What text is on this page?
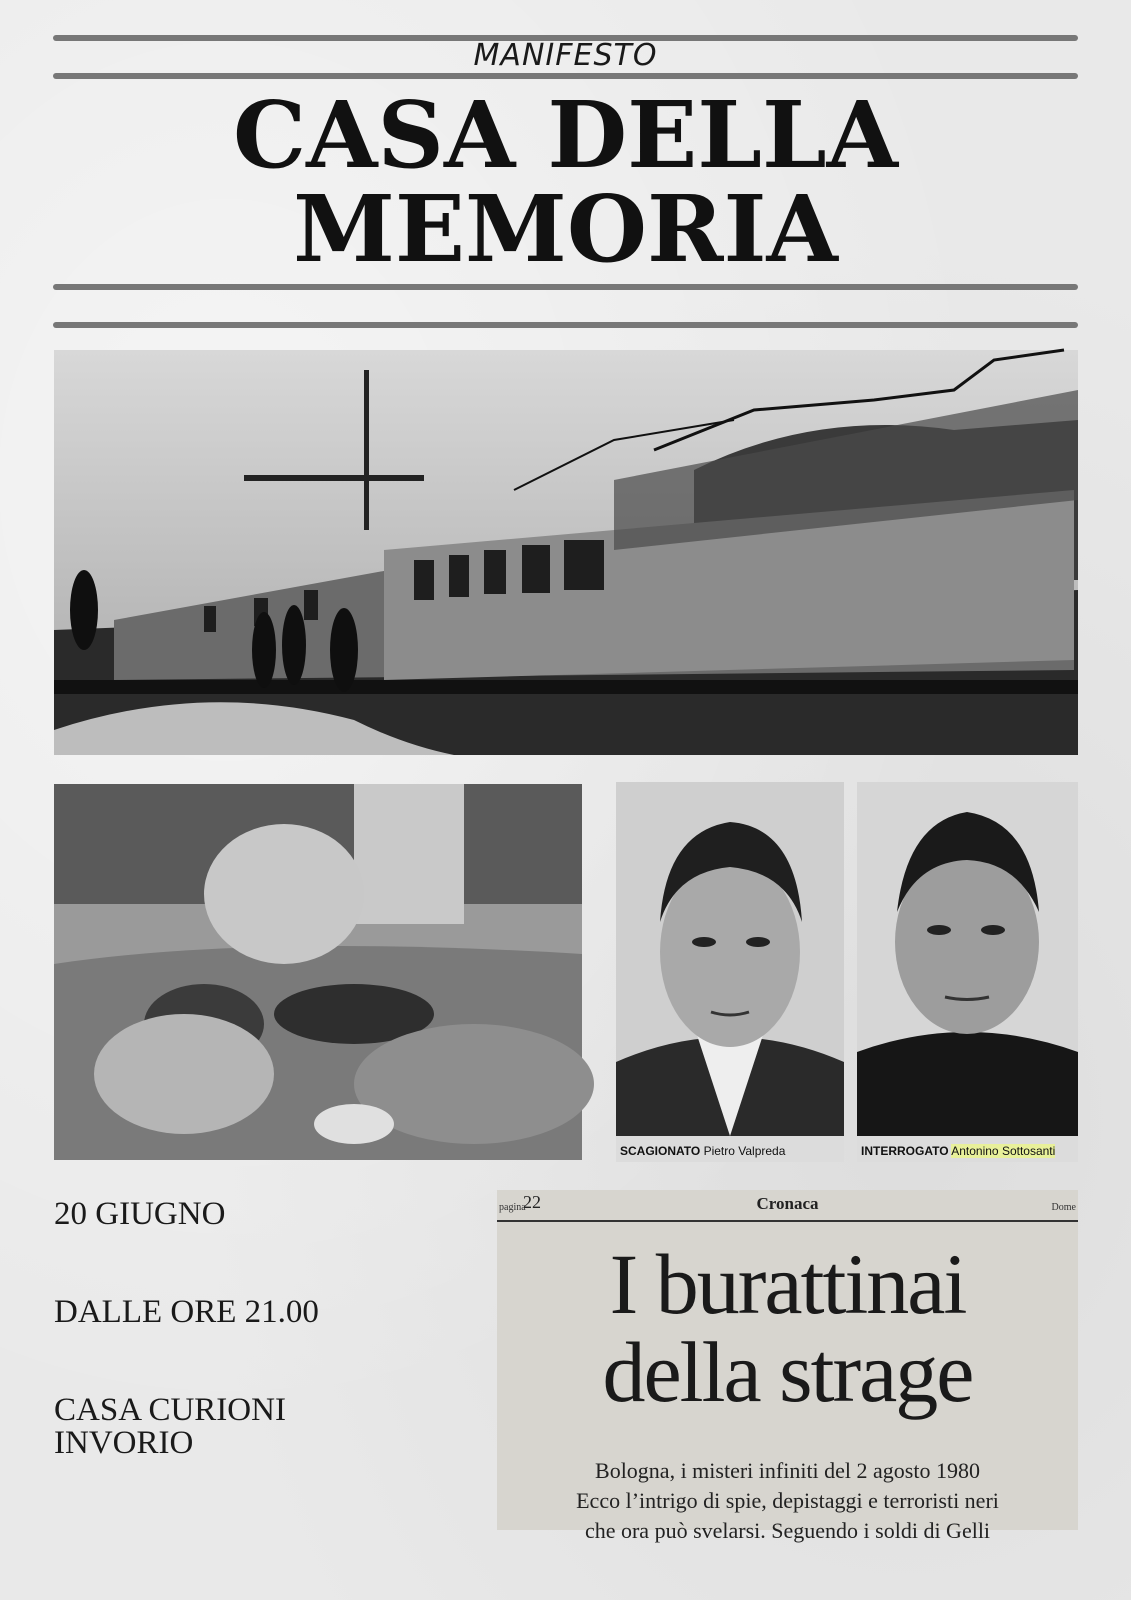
MANIFESTO
CASA DELLA
MEMORIA
SCAGIONATO Pietro Valpreda	INTERROGATO Antonino Sottosanti
20 GIUGNO
DALLE ORE 21.00
CASA CURIONI
INVORIO
pagina
22	Cronaca	Dome
I burattinai
della strage
Bologna, i misteri infiniti del 2 agosto 1980
Ecco l’intrigo di spie, depistaggi e terroristi neri
che ora può svelarsi. Seguendo i soldi di Gelli
